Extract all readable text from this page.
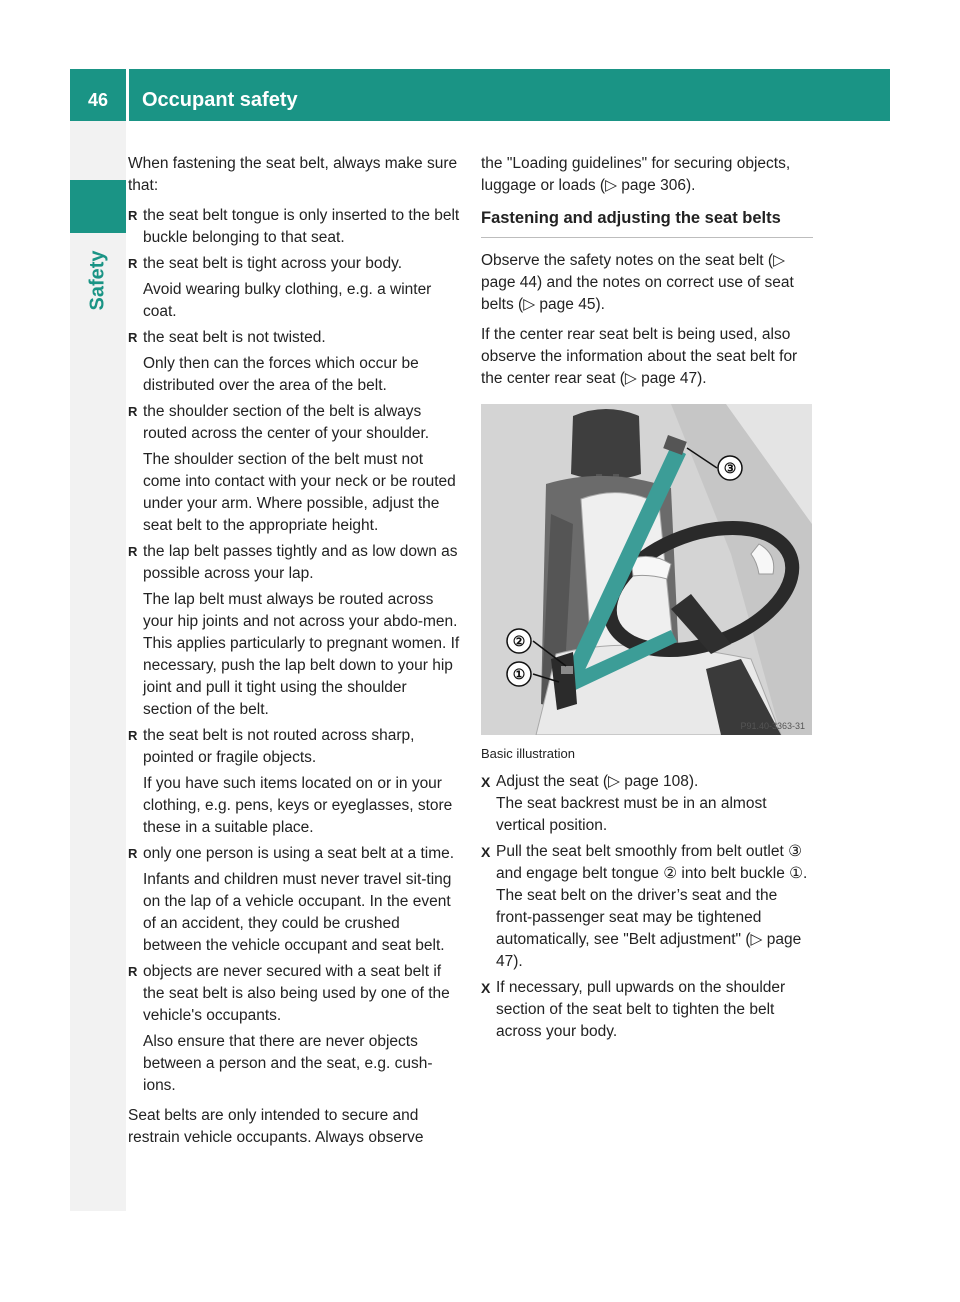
46	Occupant safety
Safety

When fastening the seat belt, always make sure that:

R the seat belt tongue is only inserted to the belt buckle belonging to that seat.
R the seat belt is tight across your body.
Avoid wearing bulky clothing, e.g. a winter coat.
R the seat belt is not twisted.
Only then can the forces which occur be distributed over the area of the belt.
R the shoulder section of the belt is always routed across the center of your shoulder.
The shoulder section of the belt must not come into contact with your neck or be routed under your arm. Where possible, adjust the seat belt to the appropriate height.
R the lap belt passes tightly and as low down as possible across your lap.
The lap belt must always be routed across your hip joints and not across your abdo-men. This applies particularly to pregnant women. If necessary, push the lap belt down to your hip joint and pull it tight using the shoulder section of the belt.
R the seat belt is not routed across sharp, pointed or fragile objects.
If you have such items located on or in your clothing, e.g. pens, keys or eyeglasses, store these in a suitable place.
R only one person is using a seat belt at a time.
Infants and children must never travel sit-ting on the lap of a vehicle occupant. In the event of an accident, they could be crushed between the vehicle occupant and seat belt.
R objects are never secured with a seat belt if the seat belt is also being used by one of the vehicle's occupants.
Also ensure that there are never objects between a person and the seat, e.g. cush-ions.

Seat belts are only intended to secure and restrain vehicle occupants. Always observe

the "Loading guidelines" for securing objects, luggage or loads (▷ page 306).

Fastening and adjusting the seat belts

Observe the safety notes on the seat belt (▷ page 44) and the notes on correct use of seat belts (▷ page 45).

If the center rear seat belt is being used, also observe the information about the seat belt for the center rear seat (▷ page 47).

③
②
①
P91.40-3363-31

Basic illustration

X Adjust the seat (▷ page 108).
The seat backrest must be in an almost vertical position.
X Pull the seat belt smoothly from belt outlet ③ and engage belt tongue ② into belt buckle ①.
The seat belt on the driver’s seat and the front-passenger seat may be tightened automatically, see "Belt adjustment" (▷ page 47).
X If necessary, pull upwards on the shoulder section of the seat belt to tighten the belt across your body.
